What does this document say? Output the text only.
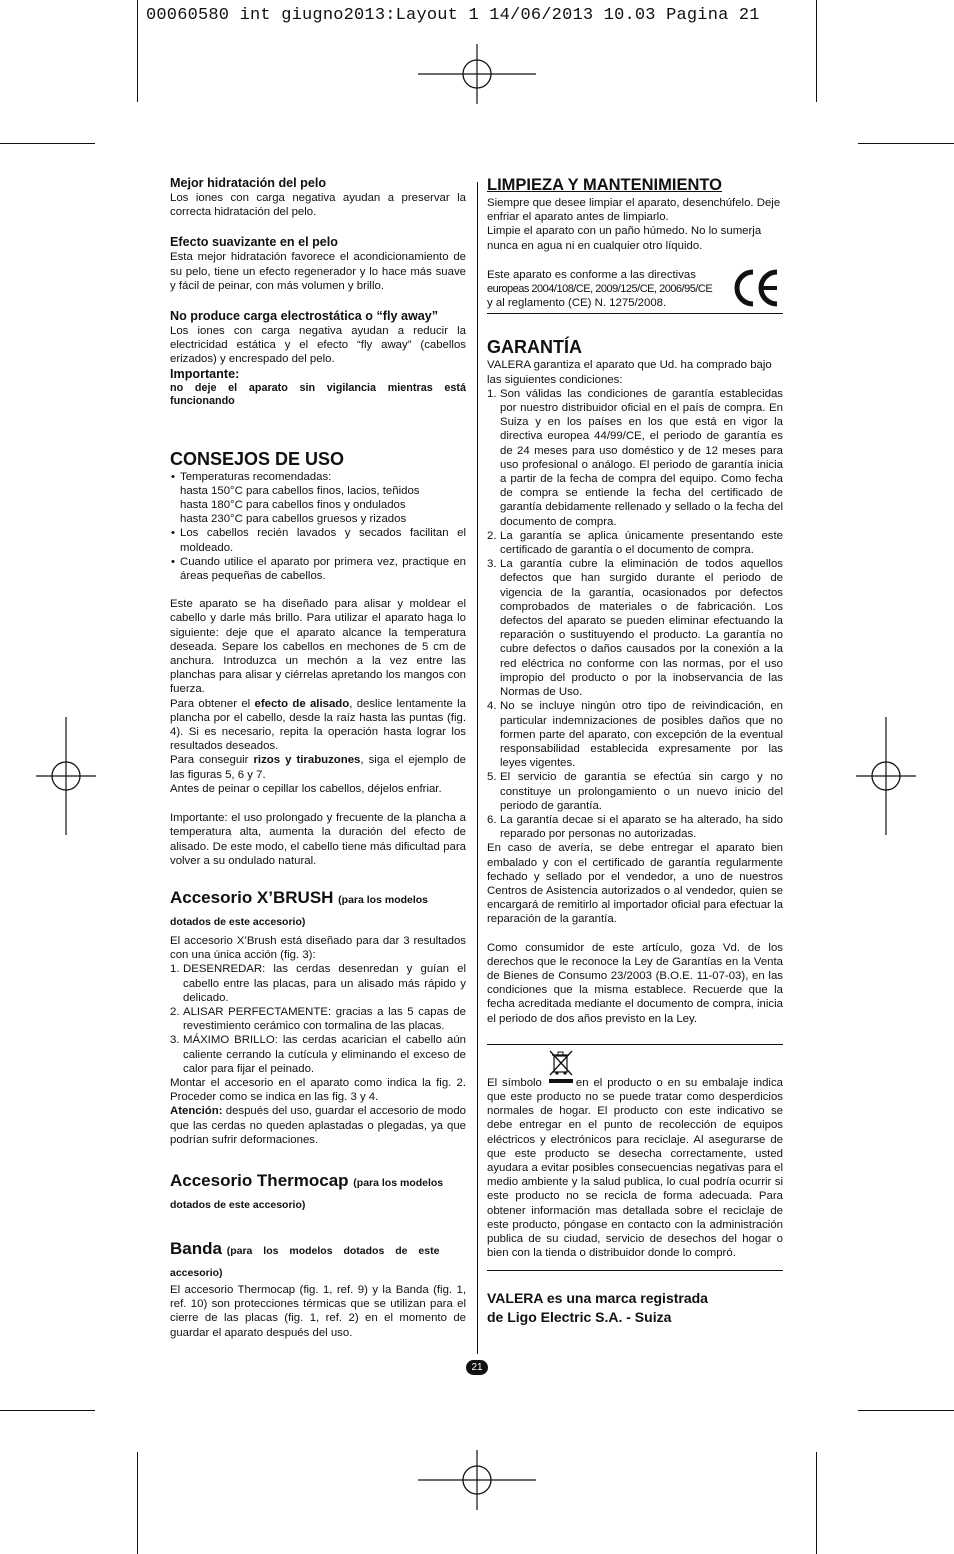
00060580 int giugno2013:Layout 1 14/06/2013 10.03 Pagina 21

Mejor hidratación del pelo

Los iones con carga negativa ayudan a preservar la correcta hidratación del pelo.

Efecto suavizante en el pelo

Esta mejor hidratación favorece el acondicionamiento de su pelo, tiene un efecto regenerador y lo hace más suave y fácil de peinar, con más volumen y brillo.

No produce carga electrostática o “fly away”

Los iones con carga negativa ayudan a reducir la electricidad estática y el efecto “fly away” (cabellos erizados) y encrespado del pelo.

Importante:

no deje el aparato sin vigilancia mientras está funcionando

CONSEJOS DE USO

• Temperaturas recomendadas:
hasta 150°C para cabellos finos, lacios, teñidos
hasta 180°C para cabellos finos y ondulados
hasta 230°C para cabellos gruesos y rizados
• Los cabellos recién lavados y secados facilitan el moldeado.
• Cuando utilice el aparato por primera vez, practique en áreas pequeñas de cabellos.

Este aparato se ha diseñado para alisar y moldear el cabello y darle más brillo. Para utilizar el aparato haga lo siguiente: deje que el aparato alcance la temperatura deseada. Separe los cabellos en mechones de 5 cm de anchura. Introduzca un mechón a la vez entre las planchas para alisar y ciérrelas apretando los mangos con fuerza.

Para obtener el efecto de alisado, deslice lentamente la plancha por el cabello, desde la raíz hasta las puntas (fig. 4). Si es necesario, repita la operación hasta lograr los resultados deseados.

Para conseguir rizos y tirabuzones, siga el ejemplo de las figuras 5, 6 y 7.

Antes de peinar o cepillar los cabellos, déjelos enfriar.

Importante: el uso prolongado y frecuente de la plancha a temperatura alta, aumenta la duración del efecto de alisado. De este modo, el cabello tiene más dificultad para volver a su ondulado natural.

Accesorio X’BRUSH (para los modelos dotados de este accesorio)

El accesorio X’Brush está diseñado para dar 3 resultados con una única acción (fig. 3):

1. DESENREDAR: las cerdas desenredan y guían el cabello entre las placas, para un alisado más rápido y delicado.
2. ALISAR PERFECTAMENTE: gracias a las 5 capas de revestimiento cerámico con tormalina de las placas.
3. MÁXIMO BRILLO: las cerdas acarician el cabello aún caliente cerrando la cutícula y eliminando el exceso de calor para fijar el peinado.

Montar el accesorio en el aparato como indica la fig. 2. Proceder como se indica en las fig. 3 y 4.

Atención: después del uso, guardar el accesorio de modo que las cerdas no queden aplastadas o plegadas, ya que podrían sufrir deformaciones.

Accesorio Thermocap (para los modelos dotados de este accesorio)

Banda (para los modelos dotados de este accesorio)

El accesorio Thermocap (fig. 1, ref. 9) y la Banda (fig. 1, ref. 10) son protecciones térmicas que se utilizan para el cierre de las placas (fig. 1, ref. 2) en el momento de guardar el aparato después del uso.

LIMPIEZA Y MANTENIMIENTO

Siempre que desee limpiar el aparato, desenchúfelo. Deje enfriar el aparato antes de limpiarlo.

Limpie el aparato con un paño húmedo. No lo sumerja nunca en agua ni en cualquier otro líquido.

Este aparato es conforme a las directivas

europeas 2004/108/CE, 2009/125/CE, 2006/95/CE

y al reglamento (CE) N. 1275/2008.

GARANTÍA

VALERA garantiza el aparato que Ud. ha comprado bajo las siguientes condiciones:

1. Son válidas las condiciones de garantía establecidas por nuestro distribuidor oficial en el país de compra. En Suiza y en los países en los que está en vigor la directiva europea 44/99/CE, el periodo de garantía es de 24 meses para uso doméstico y de 12 meses para uso profesional o análogo. El periodo de garantía inicia a partir de la fecha de compra del equipo. Como fecha de compra se entiende la fecha del certificado de garantía debidamente rellenado y sellado o la fecha del documento de compra.
2. La garantía se aplica únicamente presentando este certificado de garantía o el documento de compra.
3. La garantía cubre la eliminación de todos aquellos defectos que han surgido durante el periodo de vigencia de la garantía, ocasionados por defectos comprobados de materiales o de fabricación. Los defectos del aparato se pueden eliminar efectuando la reparación o sustituyendo el producto. La garantía no cubre defectos o daños causados por la conexión a la red eléctrica no conforme con las normas, por el uso impropio del producto o por la inobservancia de las Normas de Uso.
4. No se incluye ningún otro tipo de reivindicación, en particular indemnizaciones de posibles daños que no formen parte del aparato, con excepción de la eventual responsabilidad establecida expresamente por las leyes vigentes.
5. El servicio de garantía se efectúa sin cargo y no constituye un prolongamiento o un nuevo inicio del periodo de garantía.
6. La garantía decae si el aparato se ha alterado, ha sido reparado por personas no autorizadas.

En caso de avería, se debe entregar el aparato bien embalado y con el certificado de garantía regularmente fechado y sellado por el vendedor, a uno de nuestros Centros de Asistencia autorizados o al vendedor, quien se encargará de remitirlo al importador oficial para efectuar la reparación de la garantía.

Como consumidor de este artículo, goza Vd. de los derechos que le reconoce la Ley de Garantías en la Venta de Bienes de Consumo 23/2003 (B.O.E. 11-07-03), en las condiciones que la misma establece. Recuerde que la fecha acreditada mediante el documento de compra, inicia el periodo de dos años previsto en la Ley.

El símbolo	en el producto o en su embalaje indica que este producto no se puede tratar como desperdicios normales de hogar. El producto con este indicativo se debe entregar en el punto de recolección de equipos eléctricos y electrónicos para reciclaje. Al asegurarse de que este producto se desecha correctamente, usted ayudara a evitar posibles consecuencias negativas para el medio ambiente y la salud publica, lo cual podría ocurrir si este producto no se recicla de forma adecuada. Para obtener información mas detallada sobre el reciclaje de este producto, póngase en contacto con la administración publica de su ciudad, servicio de desechos del hogar o bien con la tienda o distribuidor donde lo compró.

VALERA es una marca registrada

de Ligo Electric S.A. - Suiza

21
